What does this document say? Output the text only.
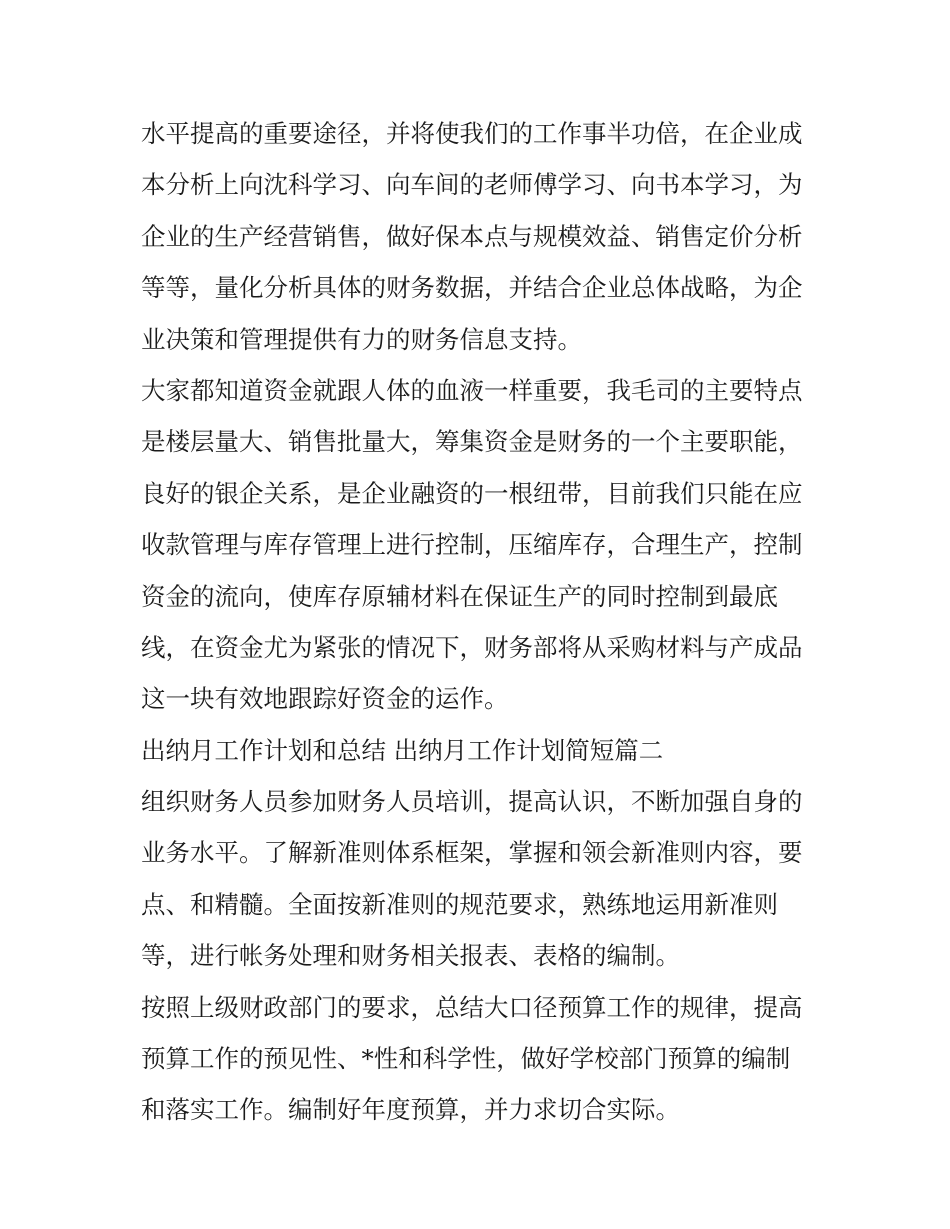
水平提高的重要途径，并将使我们的工作事半功倍，在企业成
本分析上向沈科学习、向车间的老师傅学习、向书本学习，为
企业的生产经营销售，做好保本点与规模效益、销售定价分析
等等，量化分析具体的财务数据，并结合企业总体战略，为企
业决策和管理提供有力的财务信息支持。
大家都知道资金就跟人体的血液一样重要，我毛司的主要特点
是楼层量大、销售批量大，筹集资金是财务的一个主要职能，
良好的银企关系，是企业融资的一根纽带，目前我们只能在应
收款管理与库存管理上进行控制，压缩库存，合理生产，控制
资金的流向，使库存原辅材料在保证生产的同时控制到最底
线，在资金尤为紧张的情况下，财务部将从采购材料与产成品
这一块有效地跟踪好资金的运作。
出纳月工作计划和总结 出纳月工作计划简短篇二
组织财务人员参加财务人员培训，提高认识，不断加强自身的
业务水平。了解新准则体系框架，掌握和领会新准则内容，要
点、和精髓。全面按新准则的规范要求，熟练地运用新准则
等，进行帐务处理和财务相关报表、表格的编制。
按照上级财政部门的要求，总结大口径预算工作的规律，提高
预算工作的预见性、*性和科学性，做好学校部门预算的编制
和落实工作。编制好年度预算，并力求切合实际。
